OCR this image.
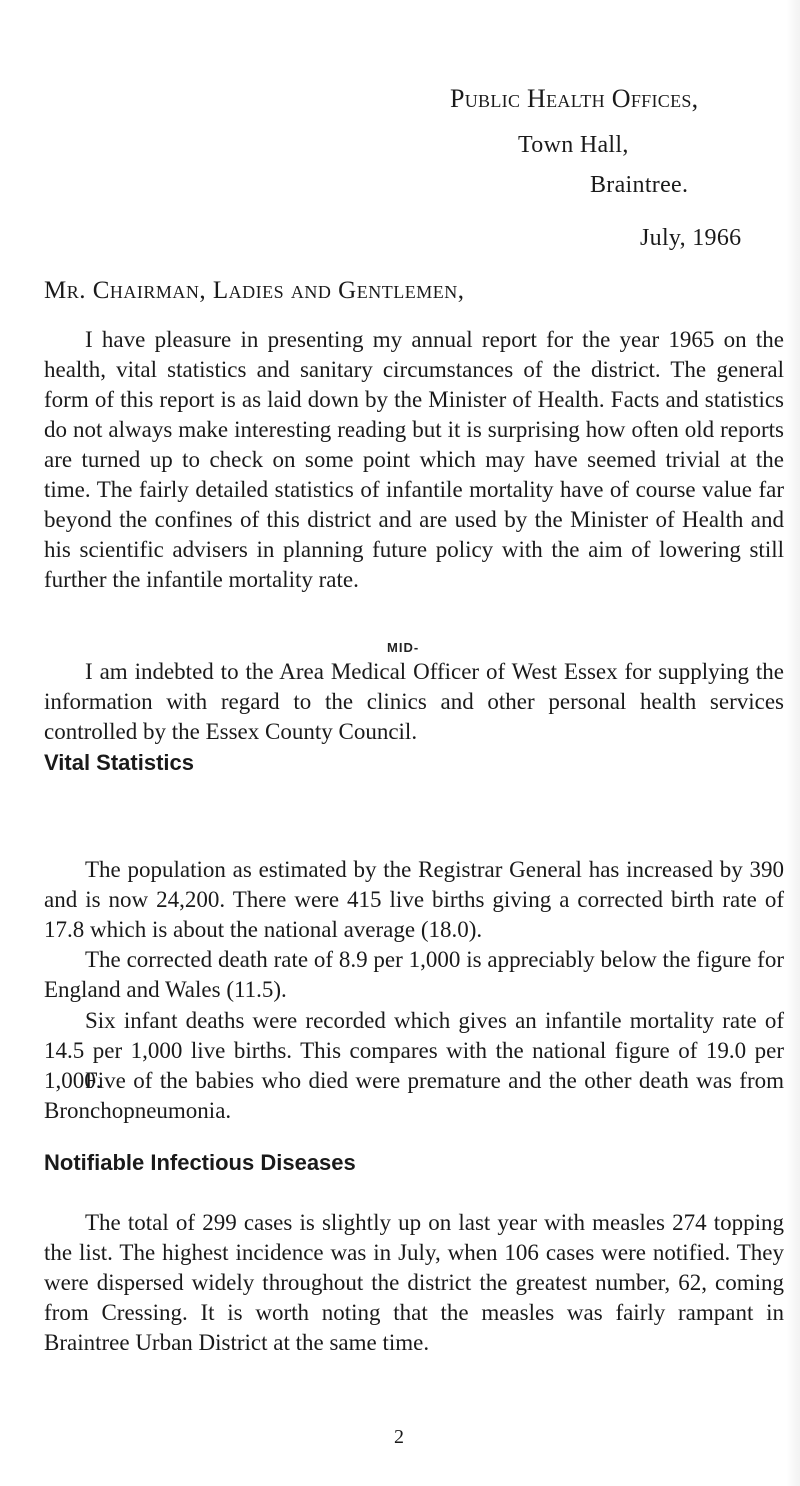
Public Health Offices,
Town Hall,
Braintree.
July, 1966
Mr. Chairman, Ladies and Gentlemen,

I have pleasure in presenting my annual report for the year 1965 on the health, vital statistics and sanitary circumstances of the district. The general form of this report is as laid down by the Minister of Health. Facts and statistics do not always make interesting reading but it is surprising how often old reports are turned up to check on some point which may have seemed trivial at the time. The fairly detailed statistics of infantile mortality have of course value far beyond the confines of this district and are used by the Minister of Health and his scientific advisers in planning future policy with the aim of lowering still further the infantile mortality rate.

MID-

I am indebted to the Area Medical Officer of West Essex for supplying the information with regard to the clinics and other personal health services controlled by the Essex County Council.

Vital Statistics

The population as estimated by the Registrar General has increased by 390 and is now 24,200. There were 415 live births giving a corrected birth rate of 17.8 which is about the national average (18.0).

The corrected death rate of 8.9 per 1,000 is appreciably below the figure for England and Wales (11.5).

Six infant deaths were recorded which gives an infantile mortality rate of 14.5 per 1,000 live births. This compares with the national figure of 19.0 per 1,000.

Five of the babies who died were premature and the other death was from Bronchopneumonia.

Notifiable Infectious Diseases

The total of 299 cases is slightly up on last year with measles 274 topping the list. The highest incidence was in July, when 106 cases were notified. They were dispersed widely throughout the district the greatest number, 62, coming from Cressing. It is worth noting that the measles was fairly rampant in Braintree Urban District at the same time.

2
